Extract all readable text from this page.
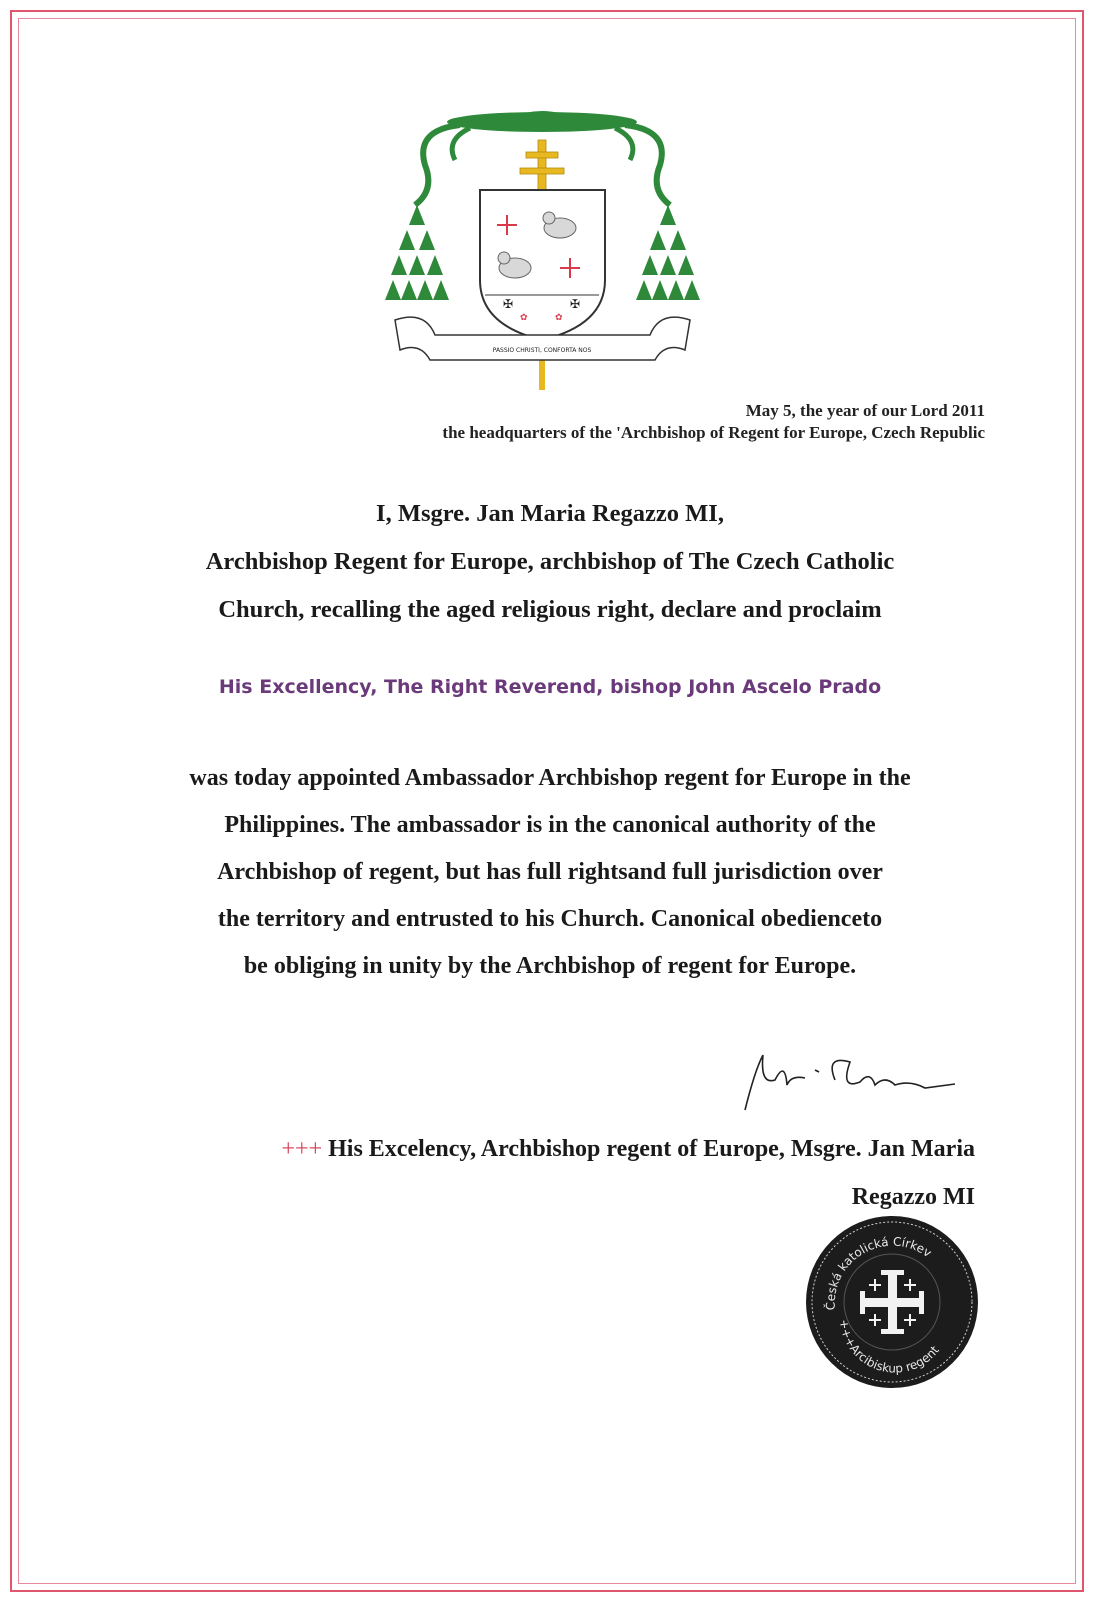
✠	✠
✿	✿
PASSIO CHRISTI, CONFORTA NOS
May 5, the year of our Lord 2011
the headquarters of the 'Archbishop of Regent for Europe, Czech Republic
I, Msgre. Jan Maria Regazzo MI,
Archbishop Regent for Europe, archbishop of The Czech Catholic
Church, recalling the aged religious right, declare and proclaim
His Excellency, The Right Reverend, bishop John Ascelo Prado
was today appointed Ambassador Archbishop regent for Europe in the
Philippines. The ambassador is in the canonical authority of the
Archbishop of regent, but has full rightsand full jurisdiction over
the territory and entrusted to his Church. Canonical obedienceto
be obliging in unity by the Archbishop of regent for Europe.
+++ His Excelency, Archbishop regent of Europe, Msgre. Jan Maria
Regazzo MI
Česká katolická Církev
+++Arcibiskup regent
